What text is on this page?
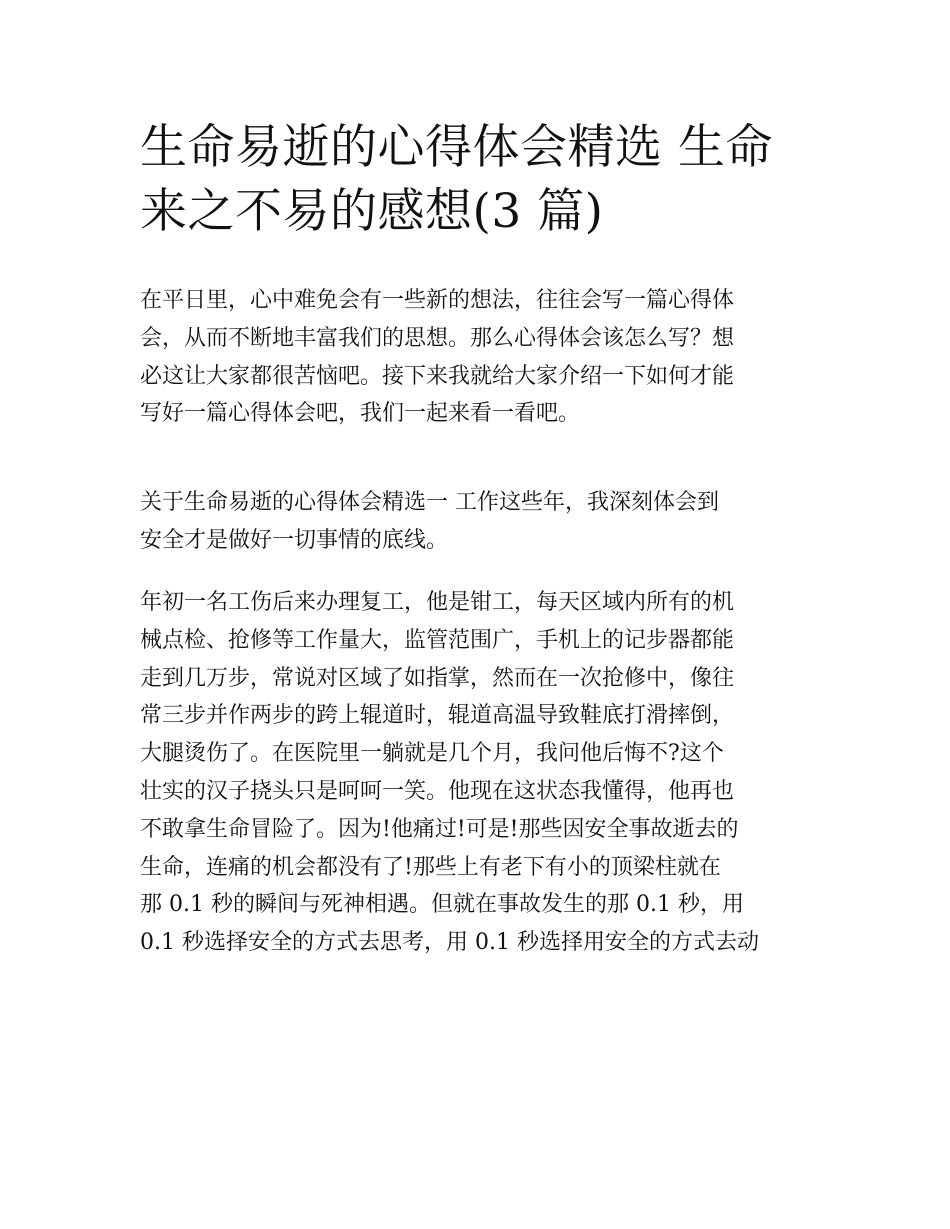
生命易逝的心得体会精选 生命
来之不易的感想(3 篇)
在平日里，心中难免会有一些新的想法，往往会写一篇心得体
会，从而不断地丰富我们的思想。那么心得体会该怎么写？想
必这让大家都很苦恼吧。接下来我就给大家介绍一下如何才能
写好一篇心得体会吧，我们一起来看一看吧。
关于生命易逝的心得体会精选一 工作这些年，我深刻体会到
安全才是做好一切事情的底线。
年初一名工伤后来办理复工，他是钳工，每天区域内所有的机
械点检、抢修等工作量大，监管范围广，手机上的记步器都能
走到几万步，常说对区域了如指掌，然而在一次抢修中，像往
常三步并作两步的跨上辊道时，辊道高温导致鞋底打滑摔倒，
大腿烫伤了。在医院里一躺就是几个月，我问他后悔不?这个
壮实的汉子挠头只是呵呵一笑。他现在这状态我懂得，他再也
不敢拿生命冒险了。因为!他痛过!可是!那些因安全事故逝去的
生命，连痛的机会都没有了!那些上有老下有小的顶梁柱就在
那 0.1 秒的瞬间与死神相遇。但就在事故发生的那 0.1 秒，用
0.1 秒选择安全的方式去思考，用 0.1 秒选择用安全的方式去动
